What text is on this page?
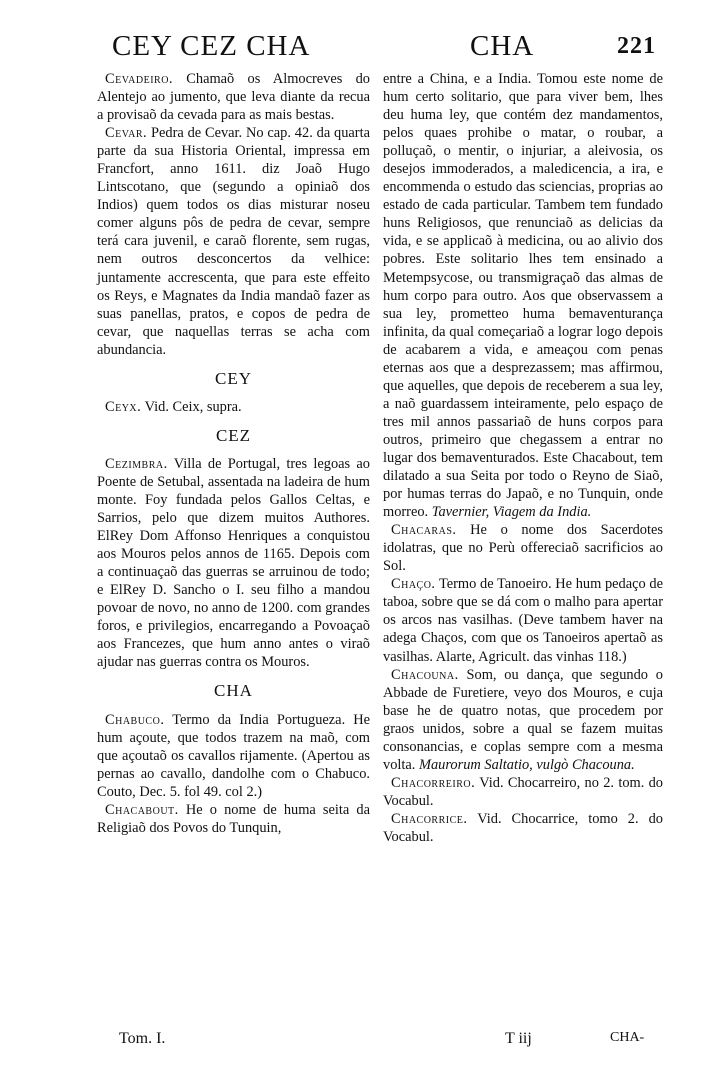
CEY CEZ CHA	CHA	221

Cevadeiro. Chamaõ os Almocreves do Alentejo ao jumento, que leva diante da recua a provisaõ da cevada para as mais bestas.

Cevar. Pedra de Cevar. No cap. 42. da quarta parte da sua Historia Oriental, impressa em Francfort, anno 1611. diz Joaõ Hugo Lintscotano, que (segundo a opiniaõ dos Indios) quem todos os dias misturar noseu comer alguns pôs de pedra de cevar, sempre terá cara juvenil, e caraõ florente, sem rugas, nem outros desconcertos da velhice: juntamente accrescenta, que para este effeito os Reys, e Magnates da India mandaõ fazer as suas panellas, pratos, e copos de pedra de cevar, que naquellas terras se acha com abundancia.

CEY

Ceyx. Vid. Ceix, supra.

CEZ

Cezimbra. Villa de Portugal, tres legoas ao Poente de Setubal, assentada na ladeira de hum monte. Foy fundada pelos Gallos Celtas, e Sarrios, pelo que dizem muitos Authores. ElRey Dom Affonso Henriques a conquistou aos Mouros pelos annos de 1165. Depois com a continuaçaõ das guerras se arruinou de todo; e ElRey D. Sancho o I. seu filho a mandou povoar de novo, no anno de 1200. com grandes foros, e privilegios, encarregando a Povoaçaõ aos Francezes, que hum anno antes o viraõ ajudar nas guerras contra os Mouros.

CHA

Chabuco. Termo da India Portugueza. He hum açoute, que todos trazem na maõ, com que açoutaõ os cavallos rijamente. (Apertou as pernas ao cavallo, dandolhe com o Chabuco. Couto, Dec. 5. fol 49. col 2.)

Chacabout. He o nome de huma seita da Religiaõ dos Povos do Tunquin,

entre a China, e a India. Tomou este nome de hum certo solitario, que para viver bem, lhes deu huma ley, que contém dez mandamentos, pelos quaes prohibe o matar, o roubar, a polluçaõ, o mentir, o injuriar, a aleivosia, os desejos immoderados, a maledicencia, a ira, e encommenda o estudo das sciencias, proprias ao estado de cada particular. Tambem tem fundado huns Religiosos, que renunciaõ as delicias da vida, e se applicaõ à medicina, ou ao alivio dos pobres. Este solitario lhes tem ensinado a Metempsycose, ou transmigraçaõ das almas de hum corpo para outro. Aos que observassem a sua ley, prometteo huma bemaventurança infinita, da qual começariaõ a lograr logo depois de acabarem a vida, e ameaçou com penas eternas aos que a desprezassem; mas affirmou, que aquelles, que depois de receberem a sua ley, a naõ guardassem inteiramente, pelo espaço de tres mil annos passariaõ de huns corpos para outros, primeiro que chegassem a entrar no lugar dos bemaventurados. Este Chacabout, tem dilatado a sua Seita por todo o Reyno de Siaõ, por humas terras do Japaõ, e no Tunquin, onde morreo. Tavernier, Viagem da India.

Chacaras. He o nome dos Sacerdotes idolatras, que no Perù offereciaõ sacrificios ao Sol.

Chaço. Termo de Tanoeiro. He hum pedaço de taboa, sobre que se dá com o malho para apertar os arcos nas vasilhas. (Deve tambem haver na adega Chaços, com que os Tanoeiros apertaõ as vasilhas. Alarte, Agricult. das vinhas 118.)

Chacouna. Som, ou dança, que segundo o Abbade de Furetiere, veyo dos Mouros, e cuja base he de quatro notas, que procedem por graos unidos, sobre a qual se fazem muitas consonancias, e coplas sempre com a mesma volta. Maurorum Saltatio, vulgò Chacouna.

Chacorreiro. Vid. Chocarreiro, no 2. tom. do Vocabul.

Chacorrice. Vid. Chocarrice, tomo 2. do Vocabul.

Tom. I.	T iij	CHA-
